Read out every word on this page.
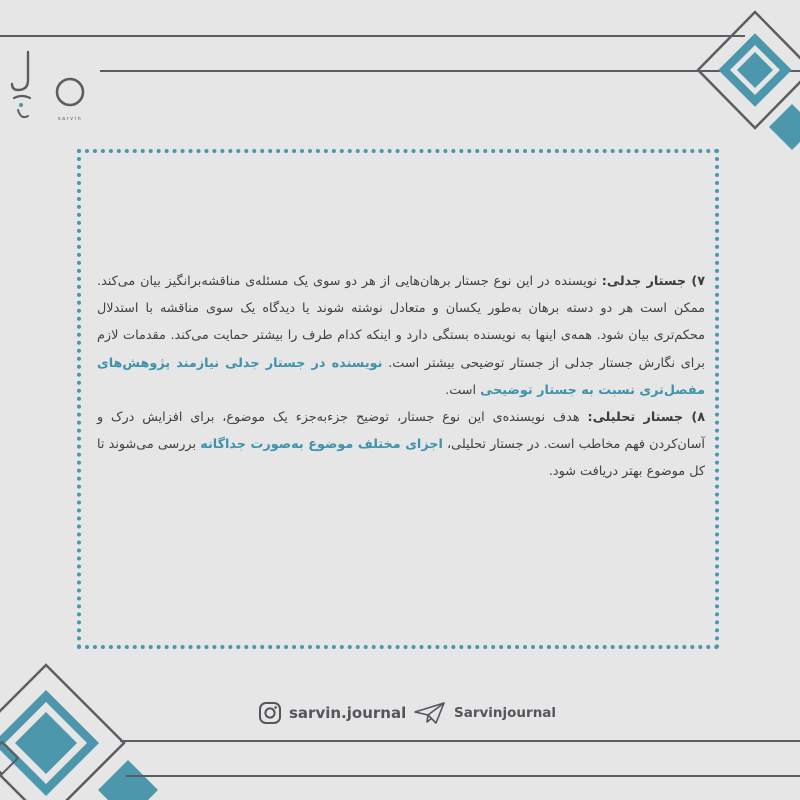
sarvin

۷) جستار جدلی: نویسنده در این نوع جستار برهان‌هایی از هر دو سوی یک مسئله‌ی مناقشه‌برانگیز بیان می‌کند. ممکن است هر دو دسته برهان به‌طور یکسان و متعادل نوشته شوند یا دیدگاه یک سوی مناقشه با استدلال محکم‌تری بیان شود. همه‌ی اینها به نویسنده بستگی دارد و اینکه کدام طرف را بیشتر حمایت می‌کند. مقدمات لازم برای نگارش جستار جدلی از جستار توضیحی بیشتر است. نویسنده در جستار جدلی نیازمند پژوهش‌های مفصل‌تری نسبت به جستار توضیحی است.

۸) جستار تحلیلی: هدف نویسنده‌ی این نوع جستار، توضیح جزء‌به‌جزء یک موضوع، برای افزایش درک و آسان‌کردن فهم مخاطب است. در جستار تحلیلی، اجزای مختلف موضوع به‌صورت جداگانه بررسی می‌شوند تا کل موضوع بهتر دریافت شود.

sarvin.journal	Sarvinjournal
